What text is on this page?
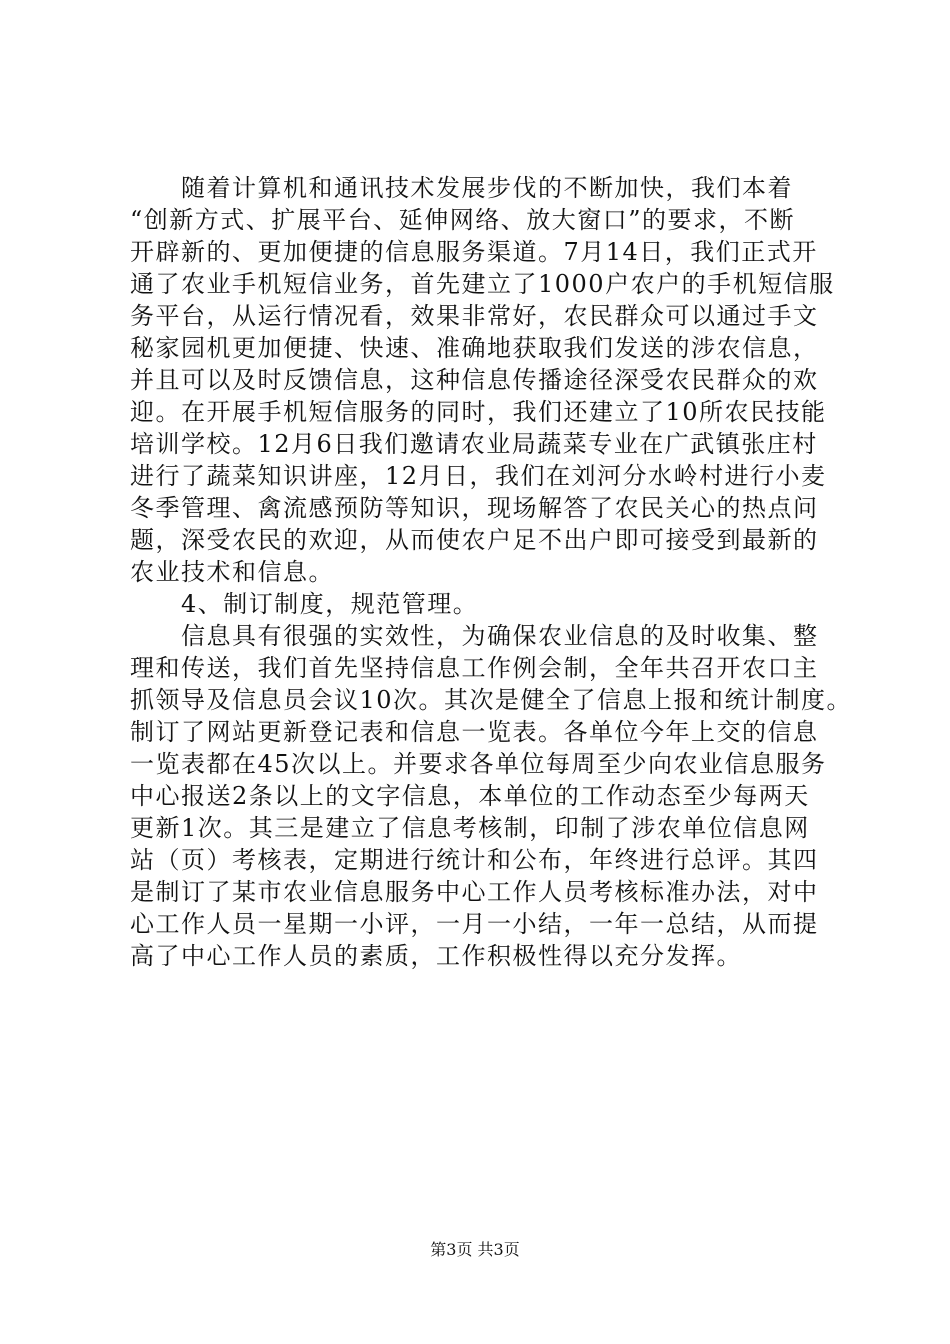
　　随着计算机和通讯技术发展步伐的不断加快，我们本着
“创新方式、扩展平台、延伸网络、放大窗口”的要求，不断
开辟新的、更加便捷的信息服务渠道。7月14日，我们正式开
通了农业手机短信业务，首先建立了1000户农户的手机短信服
务平台，从运行情况看，效果非常好，农民群众可以通过手文
秘家园机更加便捷、快速、准确地获取我们发送的涉农信息，
并且可以及时反馈信息，这种信息传播途径深受农民群众的欢
迎。在开展手机短信服务的同时，我们还建立了10所农民技能
培训学校。12月6日我们邀请农业局蔬菜专业在广武镇张庄村
进行了蔬菜知识讲座，12月日，我们在刘河分水岭村进行小麦
冬季管理、禽流感预防等知识，现场解答了农民关心的热点问
题，深受农民的欢迎，从而使农户足不出户即可接受到最新的
农业技术和信息。
　　4、制订制度，规范管理。
　　信息具有很强的实效性，为确保农业信息的及时收集、整
理和传送，我们首先坚持信息工作例会制，全年共召开农口主
抓领导及信息员会议10次。其次是健全了信息上报和统计制度。
制订了网站更新登记表和信息一览表。各单位今年上交的信息
一览表都在45次以上。并要求各单位每周至少向农业信息服务
中心报送2条以上的文字信息，本单位的工作动态至少每两天
更新1次。其三是建立了信息考核制，印制了涉农单位信息网
站（页）考核表，定期进行统计和公布，年终进行总评。其四
是制订了某市农业信息服务中心工作人员考核标准办法，对中
心工作人员一星期一小评，一月一小结，一年一总结，从而提
高了中心工作人员的素质，工作积极性得以充分发挥。
第3页 共3页
